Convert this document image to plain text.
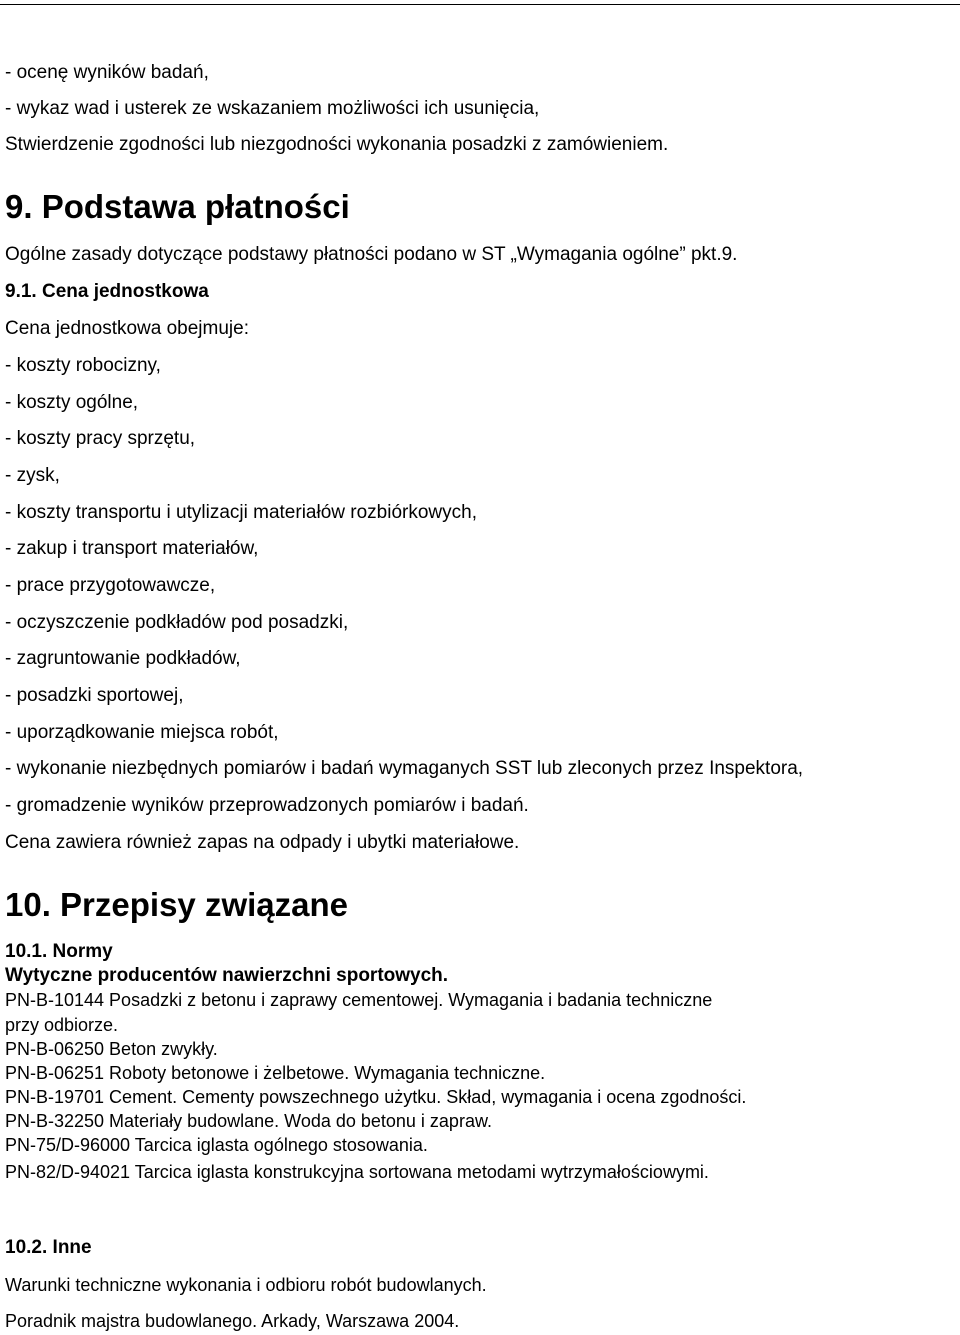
- ocenę wyników badań,
- wykaz wad i usterek ze wskazaniem możliwości ich usunięcia,
Stwierdzenie zgodności lub niezgodności wykonania posadzki z zamówieniem.
9. Podstawa płatności
Ogólne zasady dotyczące podstawy płatności podano w ST „Wymagania ogólne” pkt.9.
9.1. Cena jednostkowa
Cena jednostkowa obejmuje:
- koszty robocizny,
- koszty ogólne,
- koszty pracy sprzętu,
- zysk,
- koszty transportu i utylizacji materiałów rozbiórkowych,
- zakup i transport materiałów,
- prace przygotowawcze,
- oczyszczenie podkładów pod posadzki,
- zagruntowanie podkładów,
- posadzki sportowej,
- uporządkowanie miejsca robót,
- wykonanie niezbędnych pomiarów i badań wymaganych SST lub zleconych przez Inspektora,
- gromadzenie wyników przeprowadzonych pomiarów i badań.
Cena zawiera również zapas na odpady i ubytki materiałowe.
10. Przepisy związane
10.1. Normy
Wytyczne producentów nawierzchni sportowych.
PN-B-10144 Posadzki z betonu i zaprawy cementowej. Wymagania i badania techniczne
przy odbiorze.
PN-B-06250 Beton zwykły.
PN-B-06251 Roboty betonowe i żelbetowe. Wymagania techniczne.
PN-B-19701 Cement. Cementy powszechnego użytku. Skład, wymagania i ocena zgodności.
PN-B-32250 Materiały budowlane. Woda do betonu i zapraw.
PN-75/D-96000 Tarcica iglasta ogólnego stosowania.
PN-82/D-94021 Tarcica iglasta konstrukcyjna sortowana metodami wytrzymałościowymi.
10.2. Inne
Warunki techniczne wykonania i odbioru robót budowlanych.
Poradnik majstra budowlanego. Arkady, Warszawa 2004.
